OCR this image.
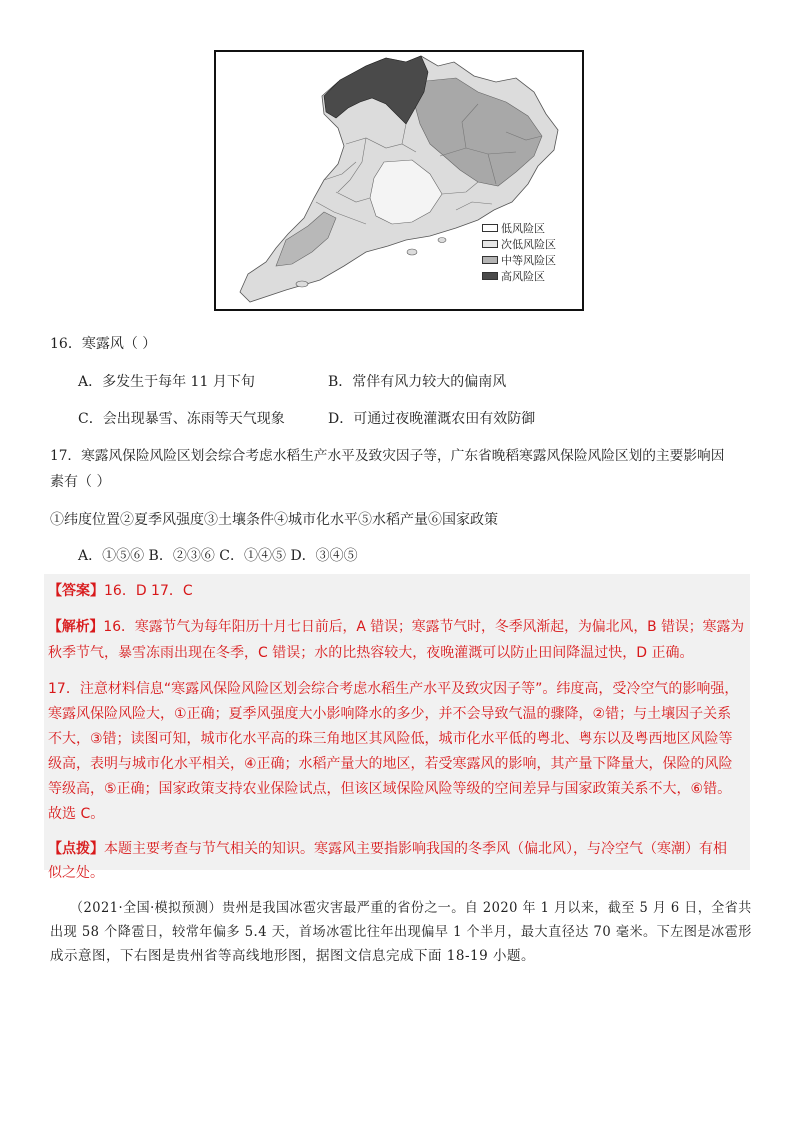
低风险区
次低风险区
中等风险区
高风险区
16．寒露风（ ）
A．多发生于每年 11 月下旬	B．常伴有风力较大的偏南风
C．会出现暴雪、冻雨等天气现象	D．可通过夜晚灌溉农田有效防御
17．寒露风保险风险区划会综合考虑水稻生产水平及致灾因子等，广东省晚稻寒露风保险风险区划的主要影响因
素有（ ）
①纬度位置②夏季风强度③土壤条件④城市化水平⑤水稻产量⑥国家政策
A．①⑤⑥ B．②③⑥ C．①④⑤ D．③④⑤
【答案】16．D 17．C
【解析】16．寒露节气为每年阳历十月七日前后，A 错误；寒露节气时，冬季风渐起，为偏北风，B 错误；寒露为
秋季节气，暴雪冻雨出现在冬季，C 错误；水的比热容较大，夜晚灌溉可以防止田间降温过快，D 正确。
17．注意材料信息“寒露风保险风险区划会综合考虑水稻生产水平及致灾因子等”。纬度高，受冷空气的影响强，
寒露风保险风险大，①正确；夏季风强度大小影响降水的多少，并不会导致气温的骤降，②错；与土壤因子关系
不大，③错；读图可知，城市化水平高的珠三角地区其风险低，城市化水平低的粤北、粤东以及粤西地区风险等
级高，表明与城市化水平相关，④正确；水稻产量大的地区，若受寒露风的影响，其产量下降量大，保险的风险
等级高，⑤正确；国家政策支持农业保险试点，但该区域保险风险等级的空间差异与国家政策关系不大，⑥错。
故选 C。
【点拨】本题主要考查与节气相关的知识。寒露风主要指影响我国的冬季风（偏北风），与冷空气（寒潮）有相
似之处。
（2021·全国·模拟预测）贵州是我国冰雹灾害最严重的省份之一。自 2020 年 1 月以来，截至 5 月 6 日，全省共
出现 58 个降雹日，较常年偏多 5.4 天，首场冰雹比往年出现偏早 1 个半月，最大直径达 70 毫米。下左图是冰雹形
成示意图，下右图是贵州省等高线地形图，据图文信息完成下面 18-19 小题。
